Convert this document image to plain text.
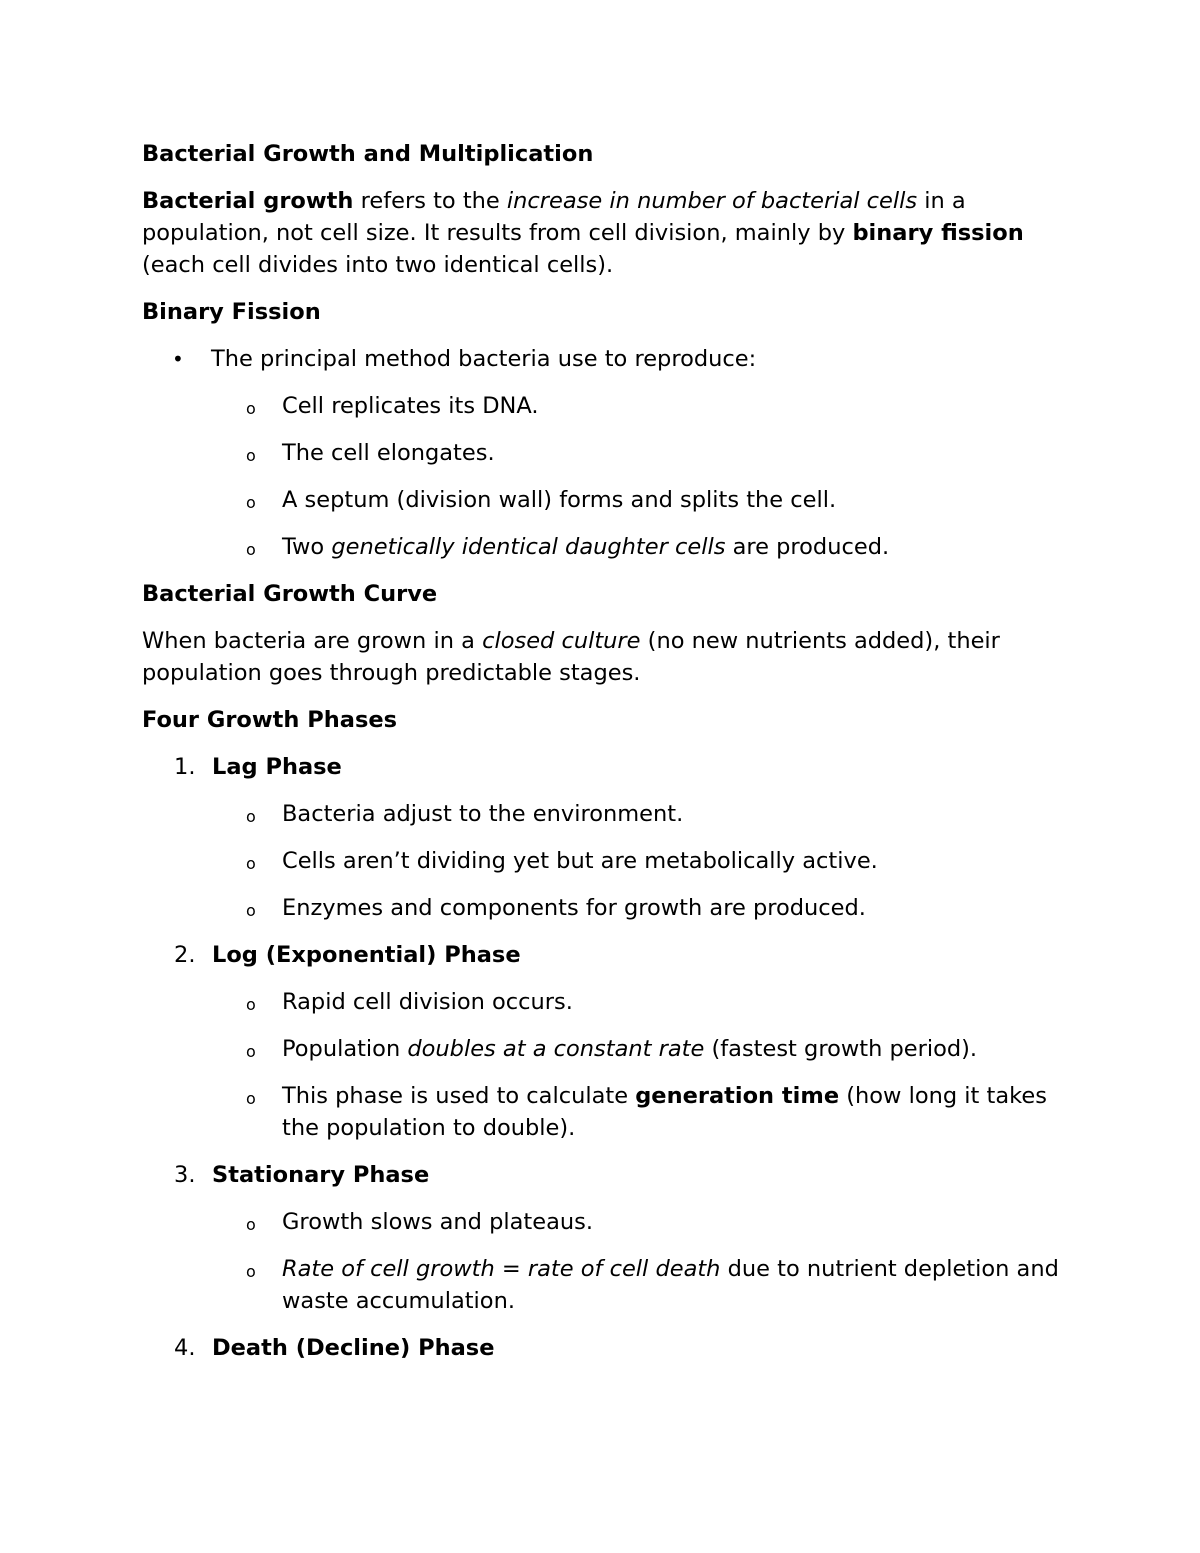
Bacterial Growth and Multiplication

Bacterial growth refers to the increase in number of bacterial cells in a population, not cell size. It results from cell division, mainly by binary fission (each cell divides into two identical cells).

Binary Fission
• The principal method bacteria use to reproduce:
o Cell replicates its DNA.
o The cell elongates.
o A septum (division wall) forms and splits the cell.
o Two genetically identical daughter cells are produced.
Bacterial Growth Curve

When bacteria are grown in a closed culture (no new nutrients added), their population goes through predictable stages.

Four Growth Phases
1. Lag Phase
o Bacteria adjust to the environment.
o Cells aren’t dividing yet but are metabolically active.
o Enzymes and components for growth are produced.
2. Log (Exponential) Phase
o Rapid cell division occurs.
o Population doubles at a constant rate (fastest growth period).
o This phase is used to calculate generation time (how long it takes the population to double).
3. Stationary Phase
o Growth slows and plateaus.
o Rate of cell growth = rate of cell death due to nutrient depletion and waste accumulation.
4. Death (Decline) Phase
